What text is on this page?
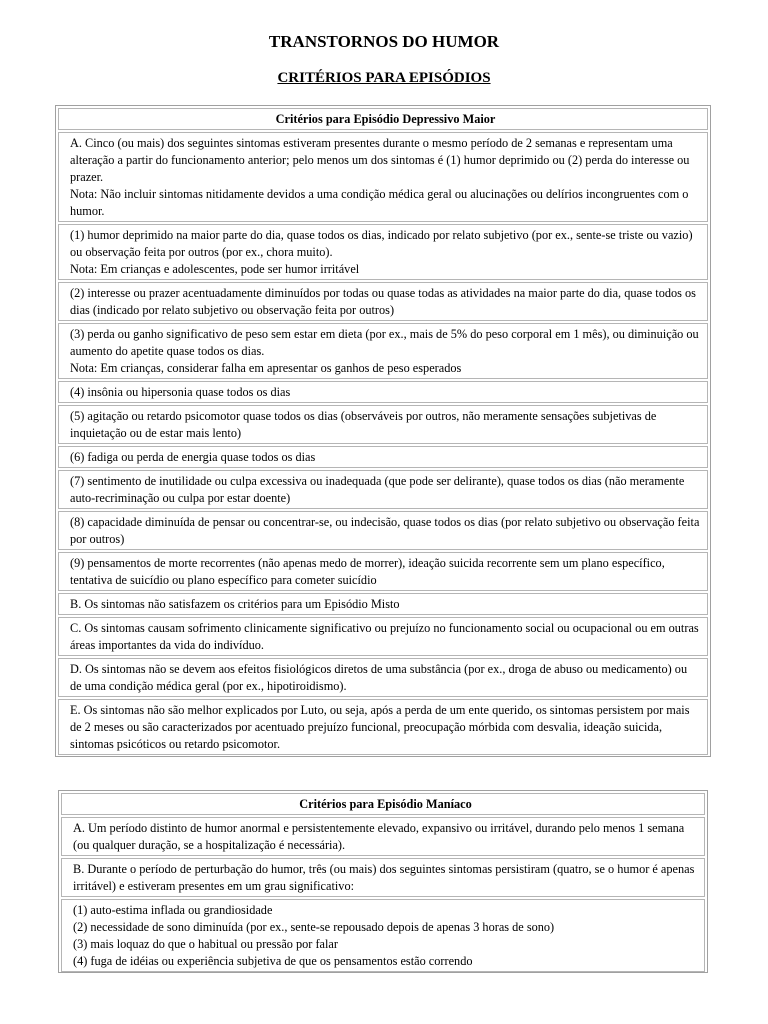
TRANSTORNOS DO HUMOR
CRITÉRIOS PARA EPISÓDIOS
Critérios para Episódio Depressivo Maior
A. Cinco (ou mais) dos seguintes sintomas estiveram presentes durante o mesmo período de 2 semanas e representam uma alteração a partir do funcionamento anterior; pelo menos um dos sintomas é (1) humor deprimido ou (2) perda do interesse ou prazer.
Nota: Não incluir sintomas nitidamente devidos a uma condição médica geral ou alucinações ou delírios incongruentes com o humor.
(1) humor deprimido na maior parte do dia, quase todos os dias, indicado por relato subjetivo (por ex., sente-se triste ou vazio) ou observação feita por outros (por ex., chora muito).
Nota: Em crianças e adolescentes, pode ser humor irritável
(2) interesse ou prazer acentuadamente diminuídos por todas ou quase todas as atividades na maior parte do dia, quase todos os dias (indicado por relato subjetivo ou observação feita por outros)
(3) perda ou ganho significativo de peso sem estar em dieta (por ex., mais de 5% do peso corporal em 1 mês), ou diminuição ou aumento do apetite quase todos os dias.
Nota: Em crianças, considerar falha em apresentar os ganhos de peso esperados
(4) insônia ou hipersonia quase todos os dias
(5) agitação ou retardo psicomotor quase todos os dias (observáveis por outros, não meramente sensações subjetivas de inquietação ou de estar mais lento)
(6) fadiga ou perda de energia quase todos os dias
(7) sentimento de inutilidade ou culpa excessiva ou inadequada (que pode ser delirante), quase todos os dias (não meramente auto-recriminação ou culpa por estar doente)
(8) capacidade diminuída de pensar ou concentrar-se, ou indecisão, quase todos os dias (por relato subjetivo ou observação feita por outros)
(9) pensamentos de morte recorrentes (não apenas medo de morrer), ideação suicida recorrente sem um plano específico, tentativa de suicídio ou plano específico para cometer suicídio
B. Os sintomas não satisfazem os critérios para um Episódio Misto
C. Os sintomas causam sofrimento clinicamente significativo ou prejuízo no funcionamento social ou ocupacional ou em outras áreas importantes da vida do indivíduo.
D. Os sintomas não se devem aos efeitos fisiológicos diretos de uma substância (por ex., droga de abuso ou medicamento) ou de uma condição médica geral (por ex., hipotiroidismo).
E. Os sintomas não são melhor explicados por Luto, ou seja, após a perda de um ente querido, os sintomas persistem por mais de 2 meses ou são caracterizados por acentuado prejuízo funcional, preocupação mórbida com desvalia, ideação suicida, sintomas psicóticos ou retardo psicomotor.
Critérios para Episódio Maníaco
A. Um período distinto de humor anormal e persistentemente elevado, expansivo ou irritável, durando pelo menos 1 semana (ou qualquer duração, se a hospitalização é necessária).
B. Durante o período de perturbação do humor, três (ou mais) dos seguintes sintomas persistiram (quatro, se o humor é apenas irritável) e estiveram presentes em um grau significativo:
(1) auto-estima inflada ou grandiosidade
(2) necessidade de sono diminuída (por ex., sente-se repousado depois de apenas 3 horas de sono)
(3) mais loquaz do que o habitual ou pressão por falar
(4) fuga de idéias ou experiência subjetiva de que os pensamentos estão correndo
